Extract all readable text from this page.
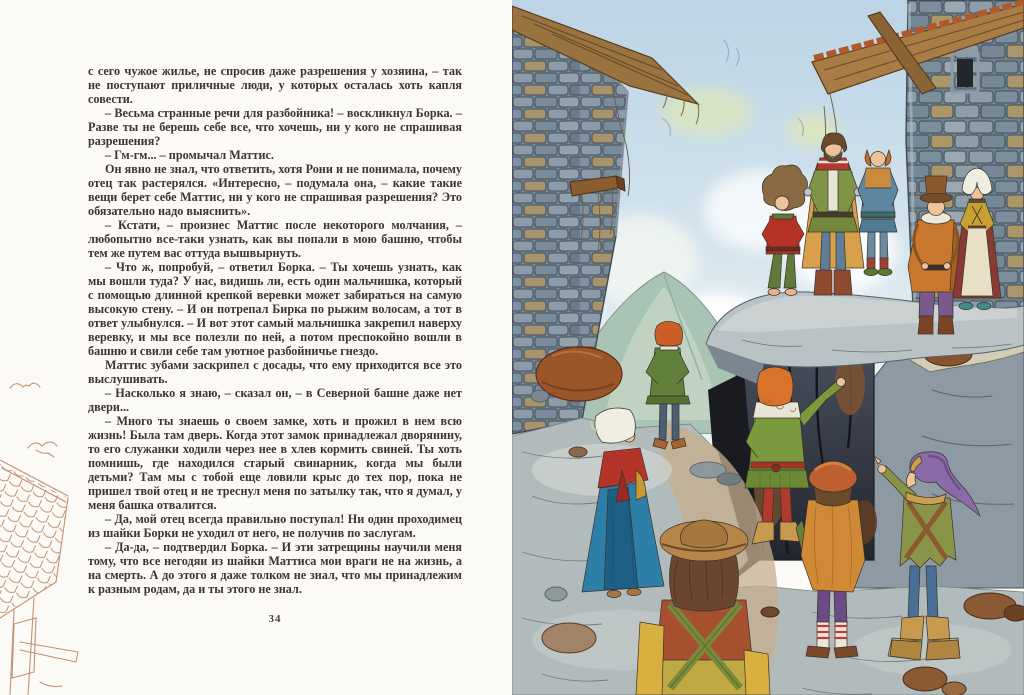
с сего чужое жилье, не спросив даже разрешения у хозяина, – так не поступают приличные люди, у которых осталась хоть капля совести.

– Весьма странные речи для разбойника! – воскликнул Борка. – Разве ты не берешь себе все, что хочешь, ни у кого не спрашивая разрешения?

– Гм-гм... – промычал Маттис.

Он явно не знал, что ответить, хотя Рони и не понимала, почему отец так растерялся. «Интересно, – подумала она, – какие такие вещи берет себе Маттис, ни у кого не спрашивая разрешения? Это обязательно надо выяснить».

– Кстати, – произнес Маттис после некоторого молчания, – любопытно все-таки узнать, как вы попали в мою башню, чтобы тем же путем вас оттуда вышвырнуть.

– Что ж, попробуй, – ответил Борка. – Ты хочешь узнать, как мы вошли туда? У нас, видишь ли, есть один мальчишка, который с помощью длинной крепкой веревки может забираться на самую высокую стену. – И он потрепал Бирка по рыжим волосам, а тот в ответ улыбнулся. – И вот этот самый мальчишка закрепил наверху веревку, и мы все полезли по ней, а потом преспокойно вошли в башню и свили себе там уютное разбойничье гнездо.

Маттис зубами заскрипел с досады, что ему приходится все это выслушивать.

– Насколько я знаю, – сказал он, – в Северной башне даже нет двери...

– Много ты знаешь о своем замке, хоть и прожил в нем всю жизнь! Была там дверь. Когда этот замок принадлежал дворянину, то его служанки ходили через нее в хлев кормить свиней. Ты хоть помнишь, где находился старый свинарник, когда мы были детьми? Там мы с тобой еще ловили крыс до тех пор, пока не пришел твой отец и не треснул меня по затылку так, что я думал, у меня башка отвалится.

– Да, мой отец всегда правильно поступал! Ни один проходимец из шайки Борки не уходил от него, не получив по заслугам.

– Да-да, – подтвердил Борка. – И эти затрещины научили меня тому, что все негодяи из шайки Маттиса мои враги не на жизнь, а на смерть. А до этого я даже толком не знал, что мы принадлежим к разным родам, да и ты этого не знал.

34
